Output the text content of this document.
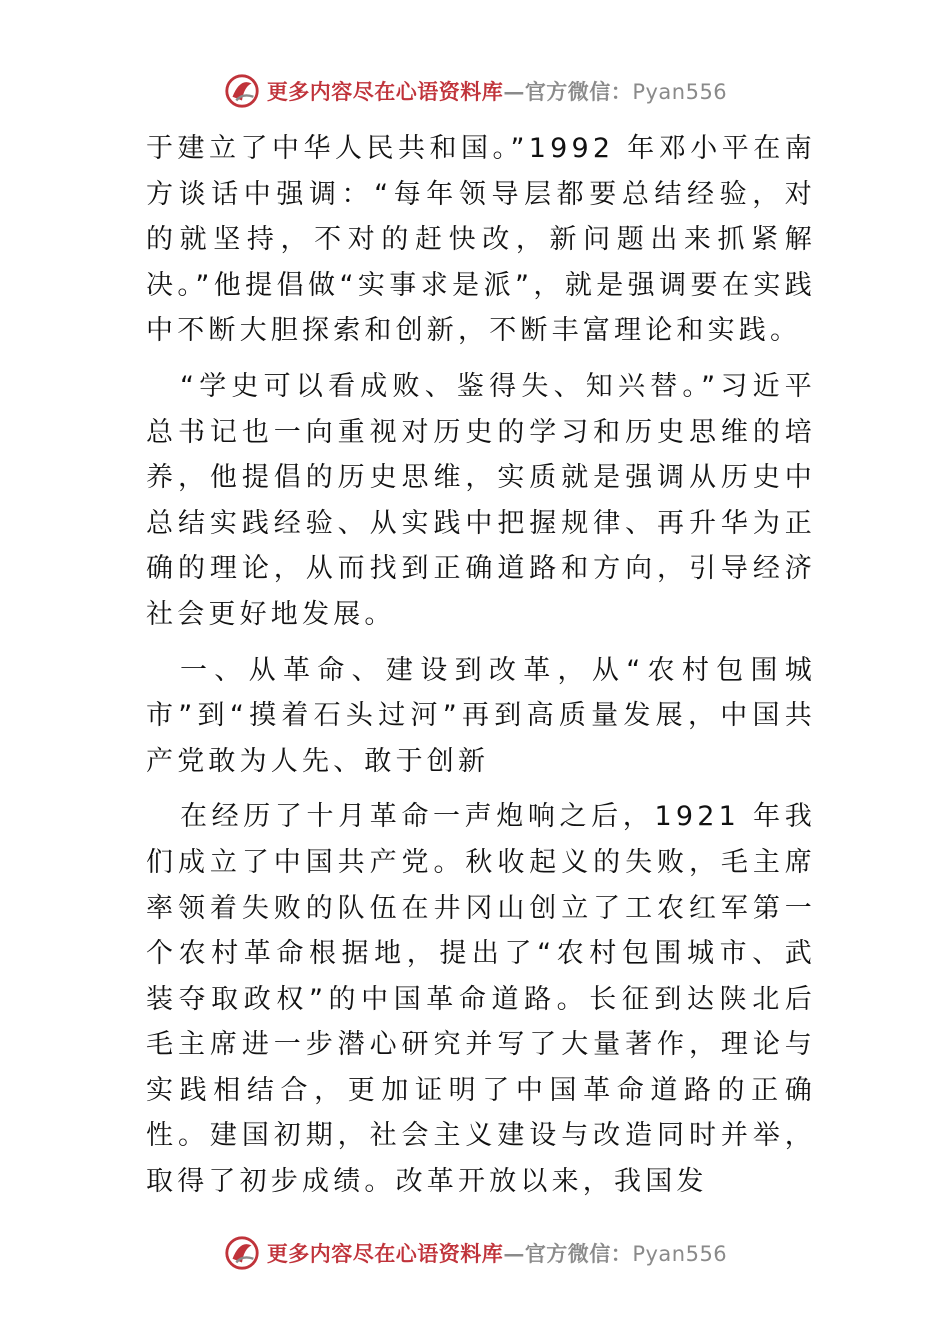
更多内容尽在心语资料库—官方微信：Pyan556

于建立了中华人民共和国。”1992 年邓小平在南方谈话中强调：“每年领导层都要总结经验，对的就坚持，不对的赶快改，新问题出来抓紧解决。”他提倡做“实事求是派”，就是强调要在实践中不断大胆探索和创新，不断丰富理论和实践。

“学史可以看成败、鉴得失、知兴替。”习近平总书记也一向重视对历史的学习和历史思维的培养，他提倡的历史思维，实质就是强调从历史中总结实践经验、从实践中把握规律、再升华为正确的理论，从而找到正确道路和方向，引导经济社会更好地发展。

一、从革命、建设到改革，从“农村包围城市”到“摸着石头过河”再到高质量发展，中国共产党敢为人先、敢于创新

在经历了十月革命一声炮响之后，1921 年我们成立了中国共产党。秋收起义的失败，毛主席率领着失败的队伍在井冈山创立了工农红军第一个农村革命根据地，提出了“农村包围城市、武装夺取政权”的中国革命道路。长征到达陕北后毛主席进一步潜心研究并写了大量著作，理论与实践相结合，更加证明了中国革命道路的正确性。建国初期，社会主义建设与改造同时并举，取得了初步成绩。改革开放以来，我国发

更多内容尽在心语资料库—官方微信：Pyan556
